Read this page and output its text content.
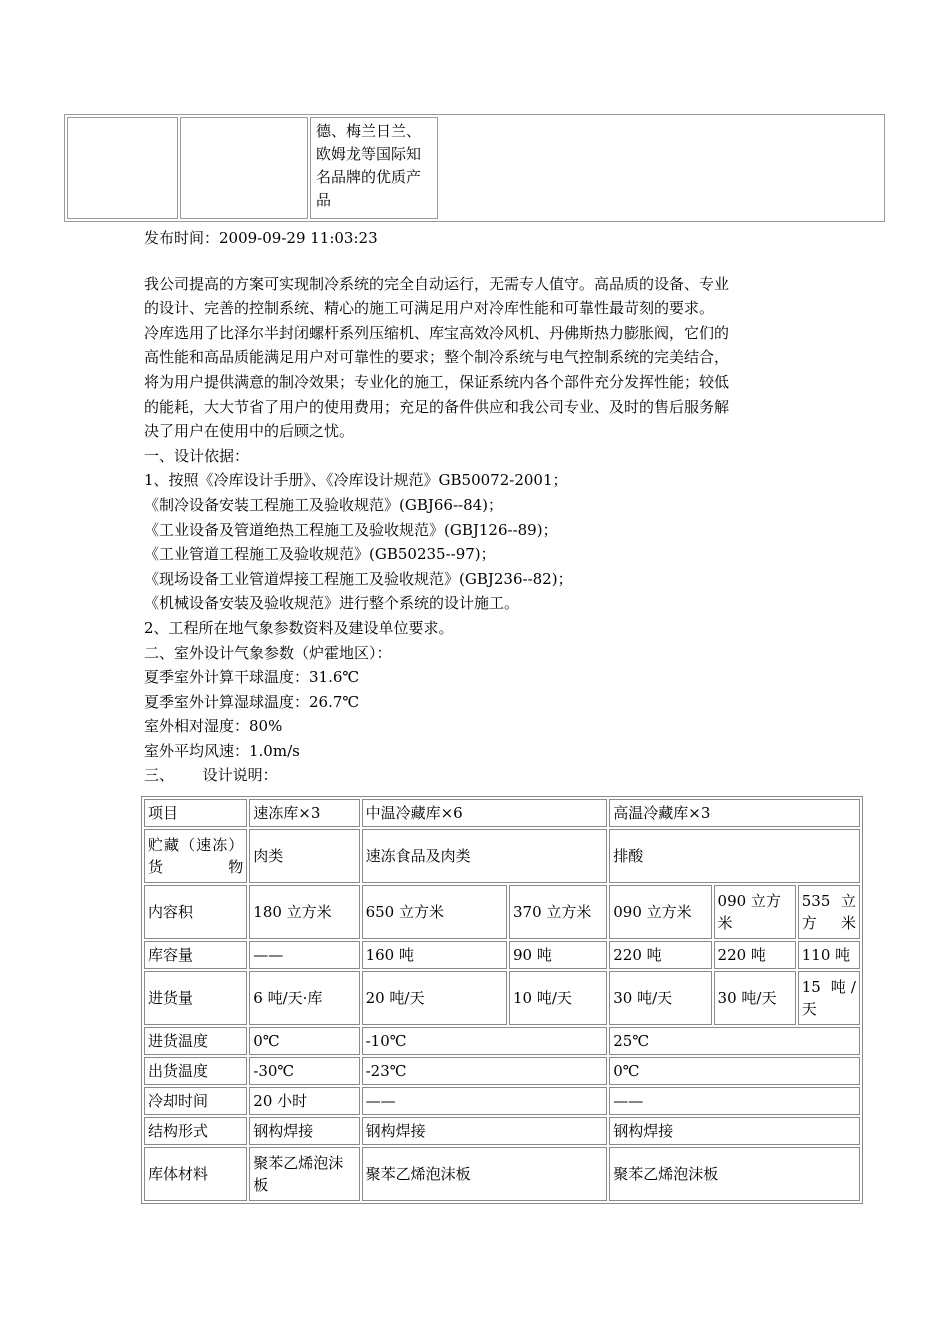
德、梅兰日兰、
欧姆龙等国际知
名品牌的优质产
品
发布时间：2009-09-29 11:03:23
我公司提高的方案可实现制冷系统的完全自动运行，无需专人值守。高品质的设备、专业
的设计、完善的控制系统、精心的施工可满足用户对冷库性能和可靠性最苛刻的要求。
冷库选用了比泽尔半封闭螺杆系列压缩机、库宝高效冷风机、丹佛斯热力膨胀阀，它们的
高性能和高品质能满足用户对可靠性的要求；整个制冷系统与电气控制系统的完美结合，
将为用户提供满意的制冷效果；专业化的施工，保证系统内各个部件充分发挥性能；较低
的能耗，大大节省了用户的使用费用；充足的备件供应和我公司专业、及时的售后服务解
决了用户在使用中的后顾之忧。
一、设计依据：
1、按照《冷库设计手册》、《冷库设计规范》GB50072-2001；
《制冷设备安装工程施工及验收规范》(GBJ66--84)；
《工业设备及管道绝热工程施工及验收规范》(GBJ126--89)；
《工业管道工程施工及验收规范》(GB50235--97)；
《现场设备工业管道焊接工程施工及验收规范》(GBJ236--82)；
《机械设备安装及验收规范》进行整个系统的设计施工。
2、工程所在地气象参数资料及建设单位要求。
二、室外设计气象参数（炉霍地区）：
夏季室外计算干球温度：31.6℃
夏季室外计算湿球温度：26.7℃
室外相对湿度：80%
室外平均风速：1.0m/s
三、      设计说明：
项目	速冻库×3	中温冷藏库×6		高温冷藏库×3		
贮藏（速冻）货物	肉类	速冻食品及肉类		排酸		
内容积	180 立方米	650 立方米	370 立方米	090 立方米	090 立方米	535 立方米
库容量	——	160 吨	90 吨	220 吨	220 吨	110 吨
进货量	6 吨/天·库	20 吨/天	10 吨/天	30 吨/天	30 吨/天	15 吨/天
进货温度	0℃	-10℃		25℃		
出货温度	-30℃	-23℃		0℃		
冷却时间	20 小时	——		——		
结构形式	钢构焊接	钢构焊接		钢构焊接		
库体材料	聚苯乙烯泡沫板	聚苯乙烯泡沫板		聚苯乙烯泡沫板		
